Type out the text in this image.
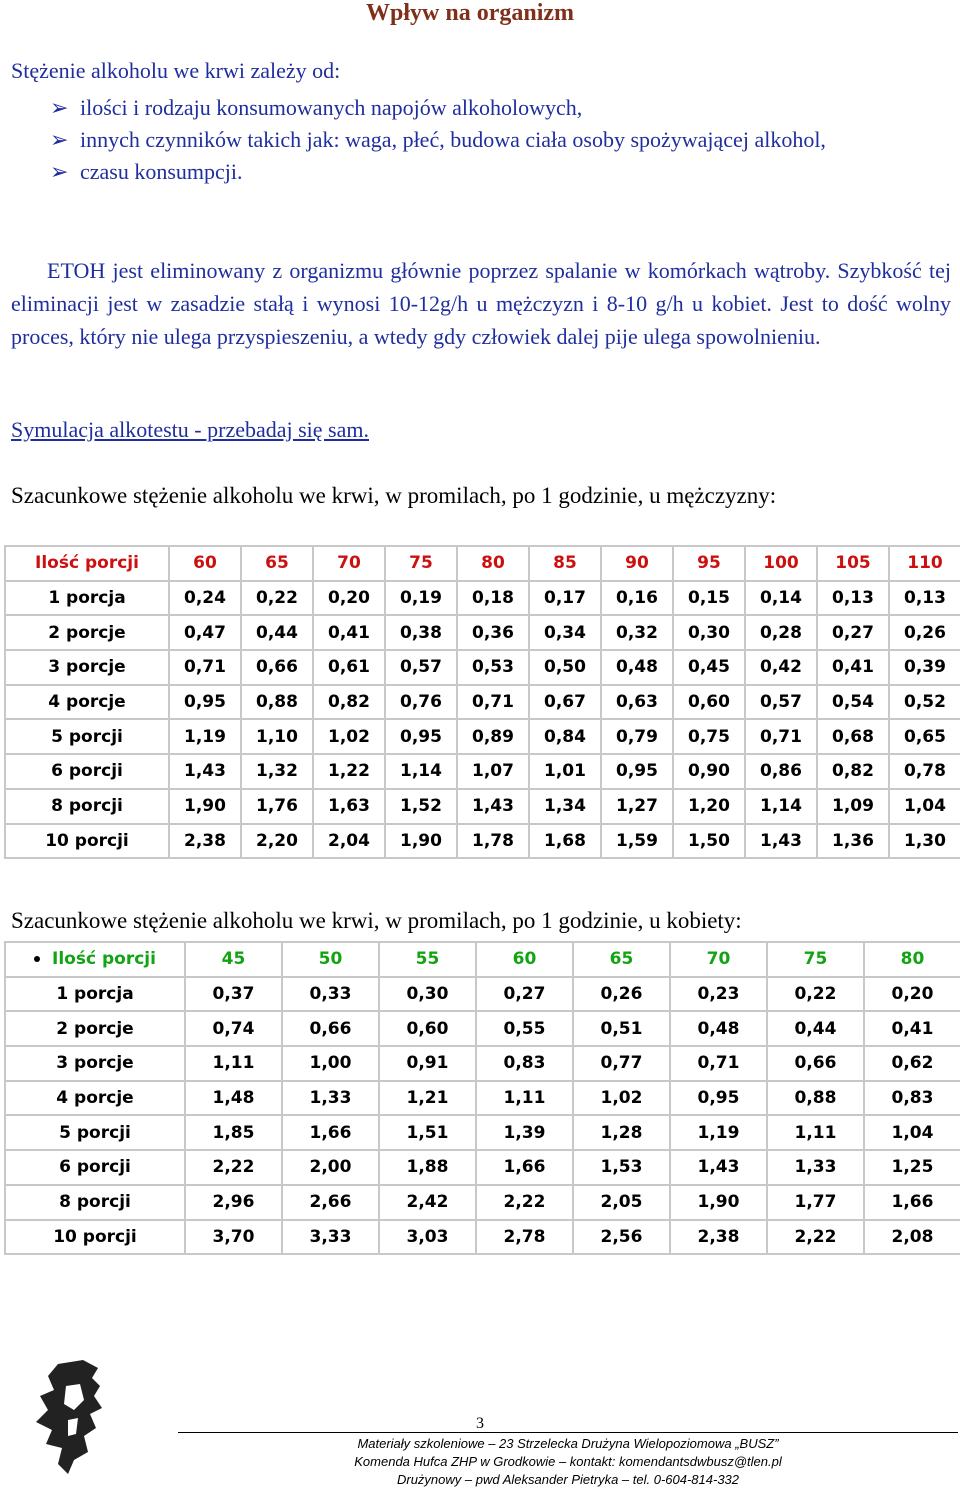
Wpływ na organizm
Stężenie alkoholu we krwi zależy od:
➢ ilości i rodzaju konsumowanych napojów alkoholowych,
➢ innych czynników takich jak: waga, płeć, budowa ciała osoby spożywającej alkohol,
➢ czasu konsumpcji.
ETOH jest eliminowany z organizmu głównie poprzez spalanie w komórkach wątroby. Szybkość tej eliminacji jest w zasadzie stałą i wynosi 10-12g/h u mężczyzn i 8-10 g/h u kobiet. Jest to dość wolny proces, który nie ulega przyspieszeniu, a wtedy gdy człowiek dalej pije ulega spowolnieniu.
Symulacja alkotestu - przebadaj się sam.
Szacunkowe stężenie alkoholu we krwi, w promilach, po 1 godzinie, u mężczyzny:
Ilość porcji	60	65	70	75	80	85	90	95	100	105	110
1 porcja	0,24	0,22	0,20	0,19	0,18	0,17	0,16	0,15	0,14	0,13	0,13
2 porcje	0,47	0,44	0,41	0,38	0,36	0,34	0,32	0,30	0,28	0,27	0,26
3 porcje	0,71	0,66	0,61	0,57	0,53	0,50	0,48	0,45	0,42	0,41	0,39
4 porcje	0,95	0,88	0,82	0,76	0,71	0,67	0,63	0,60	0,57	0,54	0,52
5 porcji	1,19	1,10	1,02	0,95	0,89	0,84	0,79	0,75	0,71	0,68	0,65
6 porcji	1,43	1,32	1,22	1,14	1,07	1,01	0,95	0,90	0,86	0,82	0,78
8 porcji	1,90	1,76	1,63	1,52	1,43	1,34	1,27	1,20	1,14	1,09	1,04
10 porcji	2,38	2,20	2,04	1,90	1,78	1,68	1,59	1,50	1,43	1,36	1,30
Szacunkowe stężenie alkoholu we krwi, w promilach, po 1 godzinie, u kobiety:
Ilość porcji	45	50	55	60	65	70	75	80
1 porcja	0,37	0,33	0,30	0,27	0,26	0,23	0,22	0,20
2 porcje	0,74	0,66	0,60	0,55	0,51	0,48	0,44	0,41
3 porcje	1,11	1,00	0,91	0,83	0,77	0,71	0,66	0,62
4 porcje	1,48	1,33	1,21	1,11	1,02	0,95	0,88	0,83
5 porcji	1,85	1,66	1,51	1,39	1,28	1,19	1,11	1,04
6 porcji	2,22	2,00	1,88	1,66	1,53	1,43	1,33	1,25
8 porcji	2,96	2,66	2,42	2,22	2,05	1,90	1,77	1,66
10 porcji	3,70	3,33	3,03	2,78	2,56	2,38	2,22	2,08
3
Materiały szkoleniowe – 23 Strzelecka Drużyna Wielopoziomowa „BUSZ”
Komenda Hufca ZHP w Grodkowie – kontakt: komendantsdwbusz@tlen.pl
Drużynowy – pwd Aleksander Pietryka – tel. 0-604-814-332
